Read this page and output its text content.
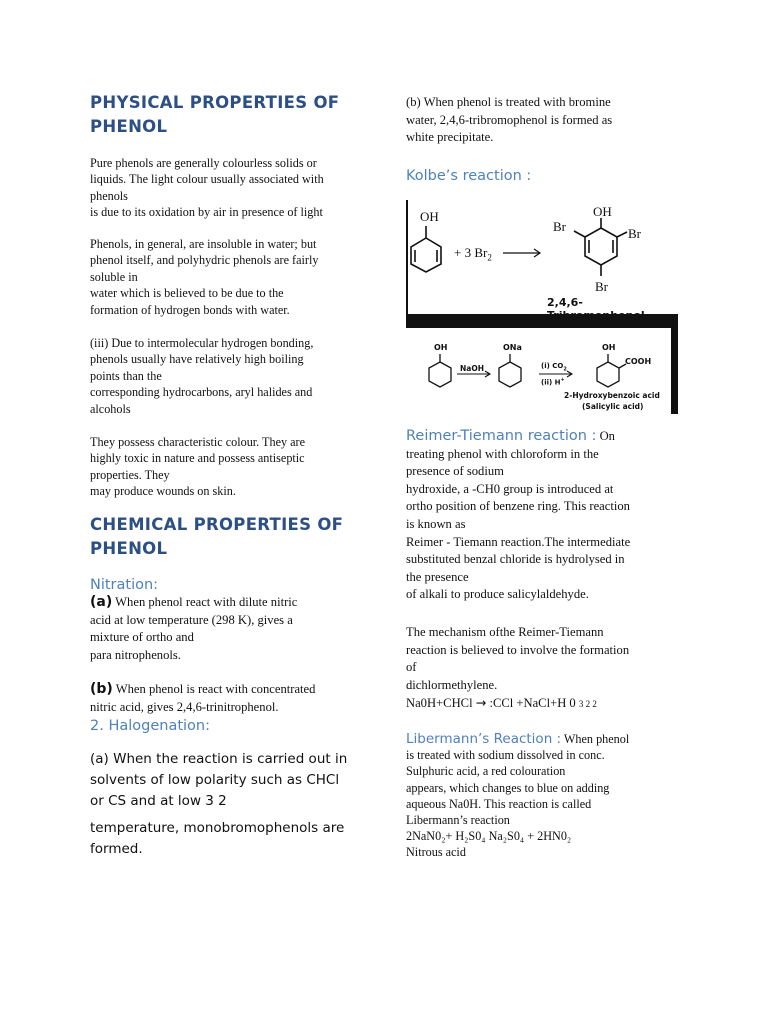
PHYSICAL PROPERTIES OF

PHENOL

Pure phenols are generally colourless solids or

liquids. The light colour usually associated with

phenols

is due to its oxidation by air in presence of light

Phenols, in general, are insoluble in water; but

phenol itself, and polyhydric phenols are fairly

soluble in

water which is believed to be due to the

formation of hydrogen bonds with water.

(iii) Due to intermolecular hydrogen bonding,

phenols usually have relatively high boiling

points than the

corresponding hydrocarbons, aryl halides and

alcohols

They possess characteristic colour. They are

highly toxic in nature and possess antiseptic

properties. They

may produce wounds on skin.

CHEMICAL PROPERTIES OF

PHENOL

Nitration:

(a) When phenol react with dilute nitric

acid at low temperature (298 K), gives a

mixture of ortho and

para nitrophenols.

(b) When phenol is react with concentrated

nitric acid, gives 2,4,6-trinitrophenol.

2. Halogenation:

(a) When the reaction is carried out in

solvents of low polarity such as CHCl

or CS and at low 3 2

temperature, monobromophenols are

formed.

(b) When phenol is treated with bromine

water, 2,4,6-tribromophenol is formed as

white precipitate.

Kolbe’s reaction :

OH
+ 3 $Br_2$
Br
OH
Br
Br
2,4,6-
OH
NaOH
ONa
(i) $CO_2$
(ii) H+
OH
COOH
2-Hydroxybenzoic acid
(Salicylic acid)

Reimer-Tiemann reaction : On

treating phenol with chloroform in the

presence of sodium

hydroxide, a -CH0 group is introduced at

ortho position of benzene ring. This reaction

is known as

Reimer - Tiemann reaction.The intermediate

substituted benzal chloride is hydrolysed in

the presence

of alkali to produce salicylaldehyde.

The mechanism ofthe Reimer-Tiemann

reaction is believed to involve the formation

of

dichlormethylene.

Na0H+CHCl → :CCl +NaCl+H 0 3 2 2

Libermann’s Reaction : When phenol

is treated with sodium dissolved in conc.

Sulphuric acid, a red colouration

appears, which changes to blue on adding

aqueous Na0H. This reaction is called

Libermann’s reaction

2NaN0₂+ H₂S0₄ Na₂S0₄ + 2HN0₂

Nitrous acid
